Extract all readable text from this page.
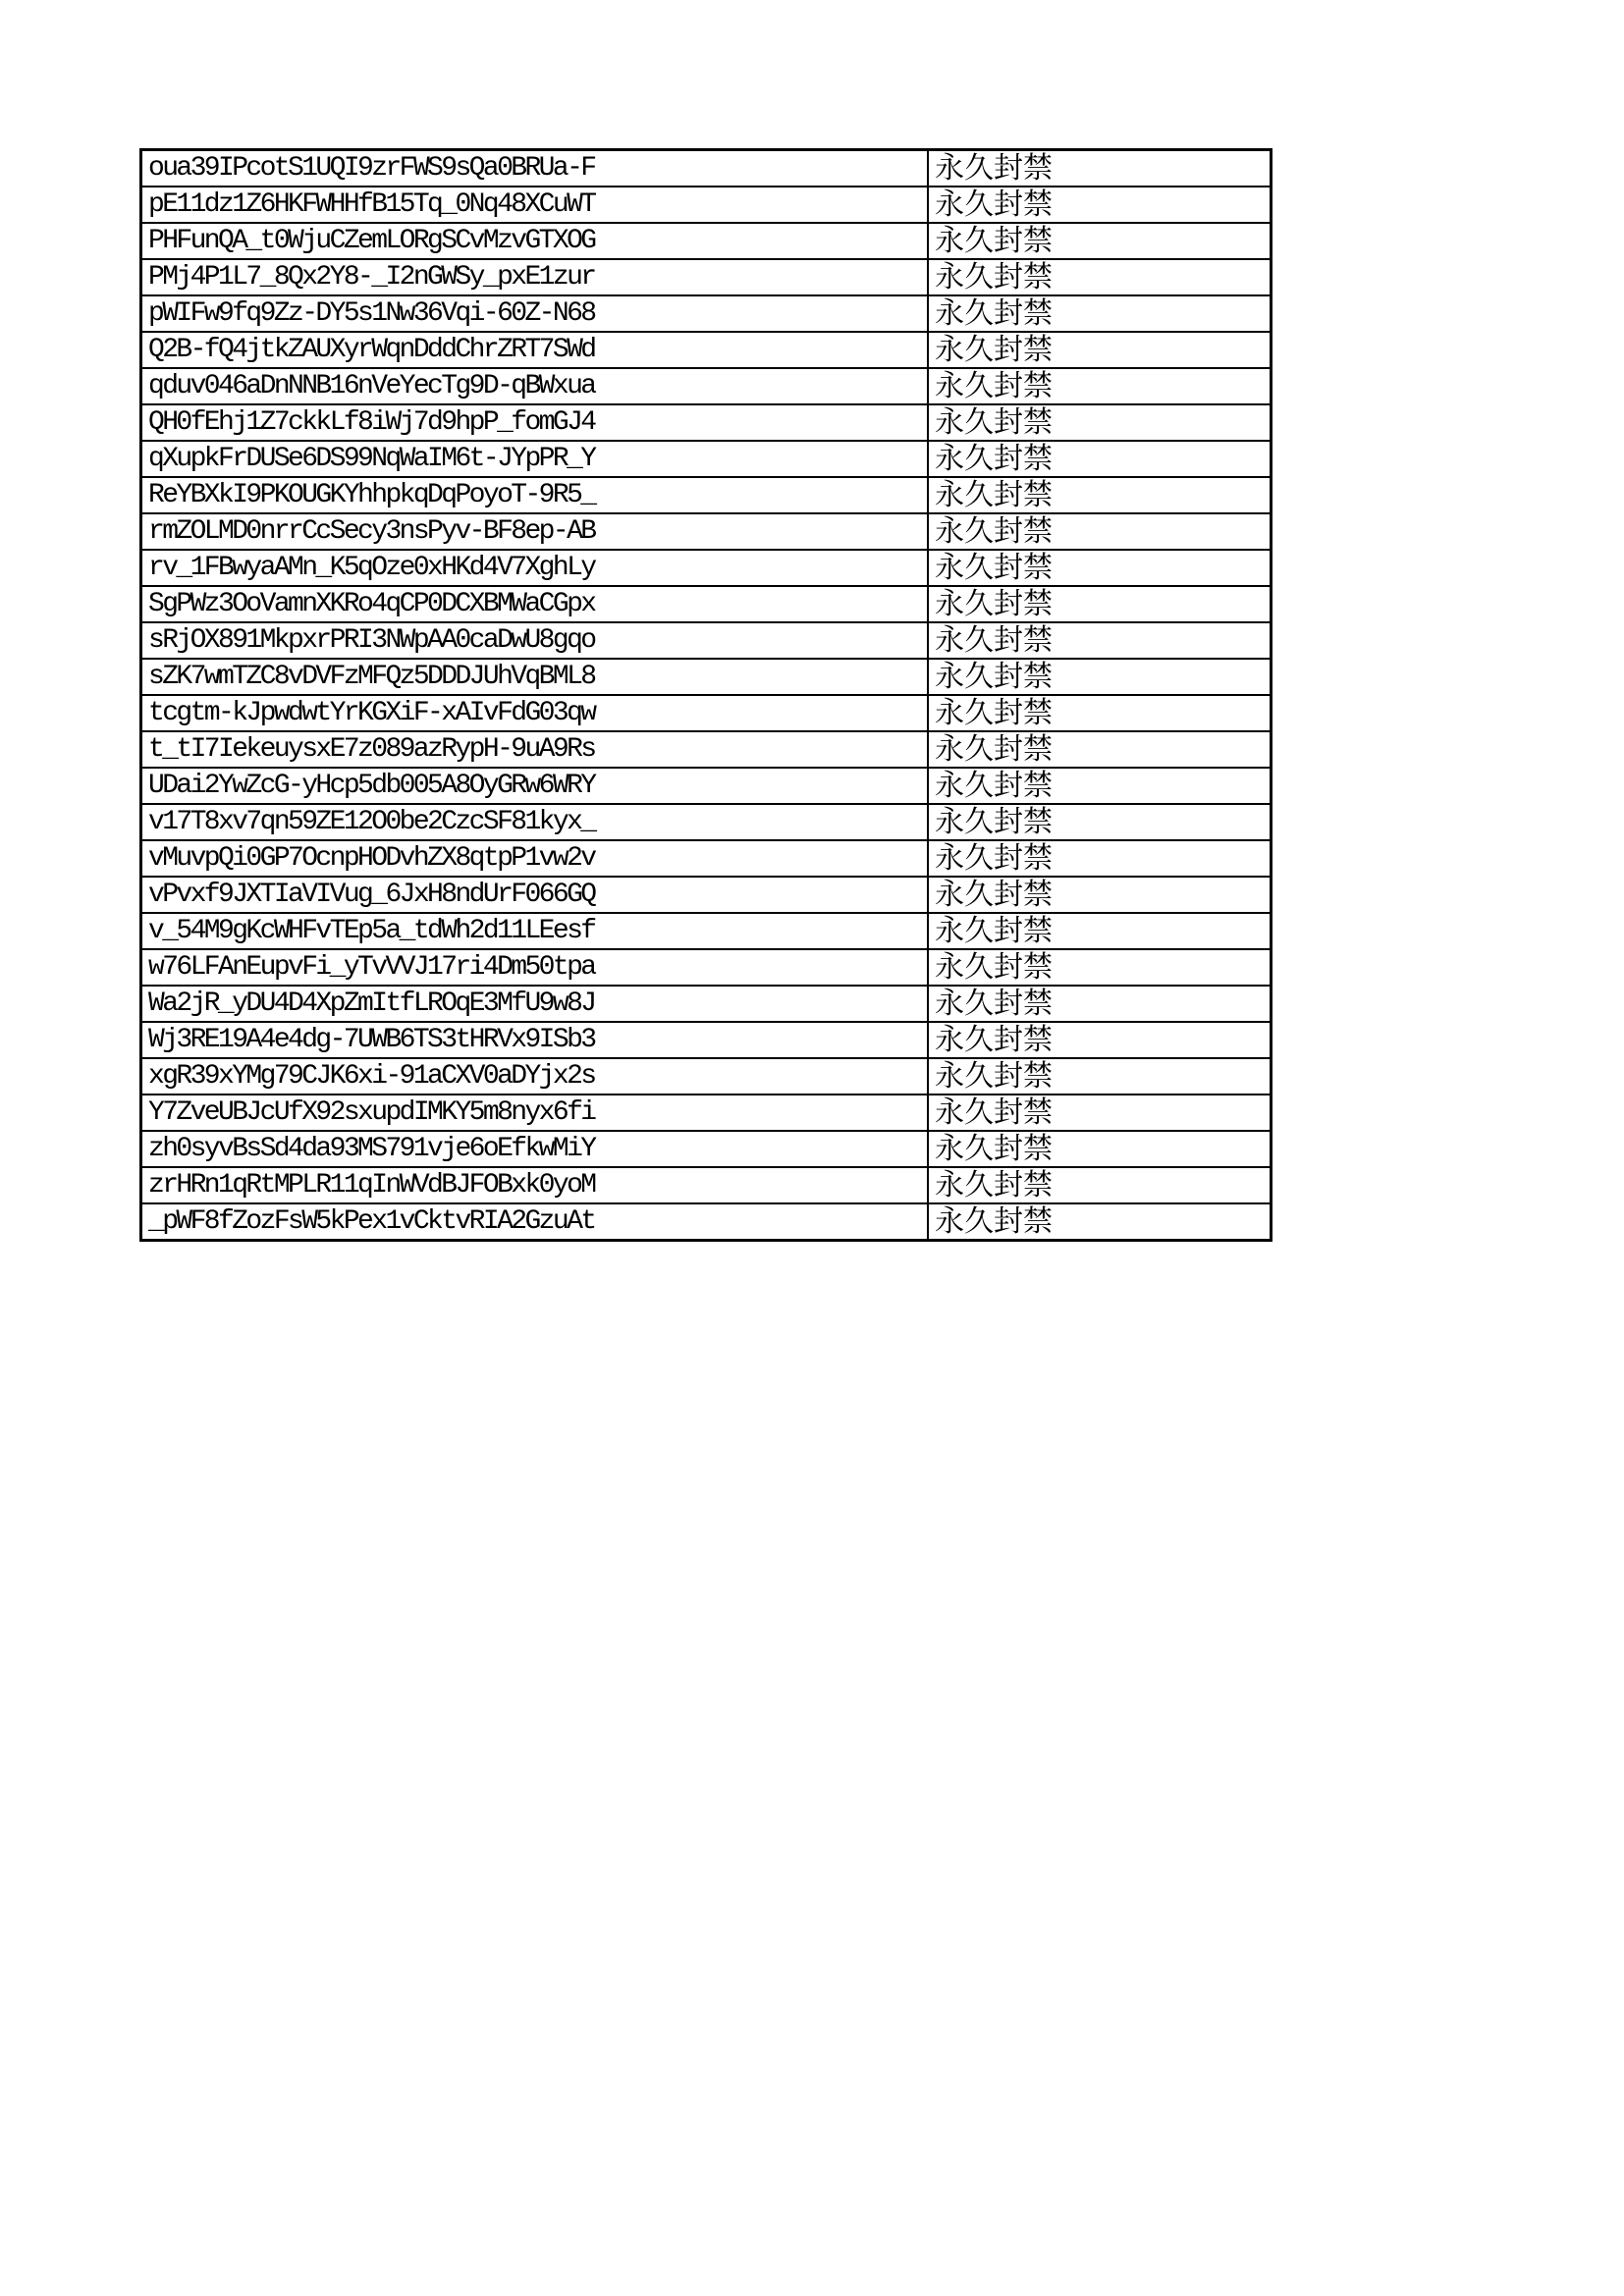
oua39IPcotS1UQI9zrFWS9sQa0BRUa-F	永久封禁
pE11dz1Z6HKFWHHfB15Tq_0Nq48XCuWT	永久封禁
PHFunQA_t0WjuCZemLORgSCvMzvGTXOG	永久封禁
PMj4P1L7_8Qx2Y8-_I2nGWSy_pxE1zur	永久封禁
pWIFw9fq9Zz-DY5s1Nw36Vqi-60Z-N68	永久封禁
Q2B-fQ4jtkZAUXyrWqnDddChrZRT7SWd	永久封禁
qduv046aDnNNB16nVeYecTg9D-qBWxua	永久封禁
QH0fEhj1Z7ckkLf8iWj7d9hpP_fomGJ4	永久封禁
qXupkFrDUSe6DS99NqWaIM6t-JYpPR_Y	永久封禁
ReYBXkI9PKOUGKYhhpkqDqPoyoT-9R5_	永久封禁
rmZOLMD0nrrCcSecy3nsPyv-BF8ep-AB	永久封禁
rv_1FBwyaAMn_K5qOze0xHKd4V7XghLy	永久封禁
SgPWz3OoVamnXKRo4qCP0DCXBMWaCGpx	永久封禁
sRjOX891MkpxrPRI3NWpAA0caDwU8gqo	永久封禁
sZK7wmTZC8vDVFzMFQz5DDDJUhVqBML8	永久封禁
tcgtm-kJpwdwtYrKGXiF-xAIvFdG03qw	永久封禁
t_tI7IekeuysxE7z089azRypH-9uA9Rs	永久封禁
UDai2YwZcG-yHcp5db005A8OyGRw6WRY	永久封禁
v17T8xv7qn59ZE12O0be2CzcSF81kyx_	永久封禁
vMuvpQi0GP7OcnpHODvhZX8qtpP1vw2v	永久封禁
vPvxf9JXTIaVIVug_6JxH8ndUrF066GQ	永久封禁
v_54M9gKcWHFvTEp5a_tdWh2d11LEesf	永久封禁
w76LFAnEupvFi_yTvVVJ17ri4Dm50tpa	永久封禁
Wa2jR_yDU4D4XpZmItfLROqE3MfU9w8J	永久封禁
Wj3RE19A4e4dg-7UWB6TS3tHRVx9ISb3	永久封禁
xgR39xYMg79CJK6xi-91aCXV0aDYjx2s	永久封禁
Y7ZveUBJcUfX92sxupdIMKY5m8nyx6fi	永久封禁
zh0syvBsSd4da93MS791vje6oEfkwMiY	永久封禁
zrHRn1qRtMPLR11qInWVdBJFOBxk0yoM	永久封禁
_pWF8fZozFsW5kPex1vCktvRIA2GzuAt	永久封禁
